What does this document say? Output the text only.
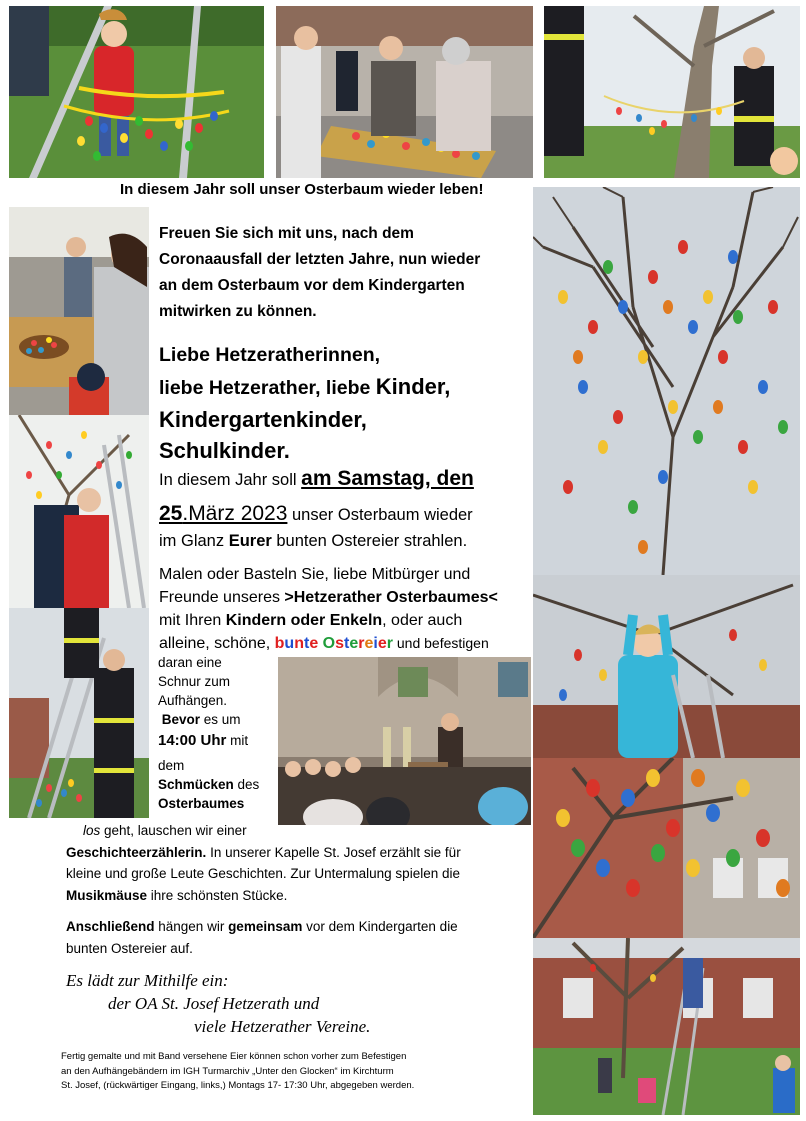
In diesem Jahr soll unser Osterbaum wieder leben!
Freuen Sie sich mit uns, nach dem
Coronaausfall der letzten Jahre, nun wieder
an dem Osterbaum vor dem Kindergarten
mitwirken zu können.
Liebe Hetzeratherinnen,
liebe Hetzerather, liebe Kinder,
Kindergartenkinder,
Schulkinder.
In diesem Jahr soll am Samstag, den
25.März 2023 unser Osterbaum wieder
im Glanz Eurer bunten Ostereier strahlen.
Malen oder Basteln Sie, liebe Mitbürger und
Freunde unseres >Hetzerather Osterbaumes<
mit Ihren Kindern oder Enkeln, oder auch
alleine, schöne, bunte Ostereier und befestigen
daran eine
Schnur zum
Aufhängen.
Bevor es um
14:00 Uhr mit
dem
Schmücken des
Osterbaumes
los geht, lauschen wir einer
Geschichteerzählerin. In unserer Kapelle St. Josef erzählt sie für
kleine und große Leute Geschichten. Zur Untermalung spielen die
Musikmäuse ihre schönsten Stücke.
Anschließend hängen wir gemeinsam vor dem Kindergarten die
bunten Ostereier auf.
Es lädt zur Mithilfe ein:
der OA St. Josef Hetzerath und
viele Hetzerather Vereine.
Fertig gemalte und mit Band versehene Eier können schon vorher zum Befestigen
an den Aufhängebändern im IGH Turmarchiv „Unter den Glocken“ im Kirchturm
St. Josef, (rückwärtiger Eingang, links,) Montags 17- 17:30 Uhr, abgegeben werden.
